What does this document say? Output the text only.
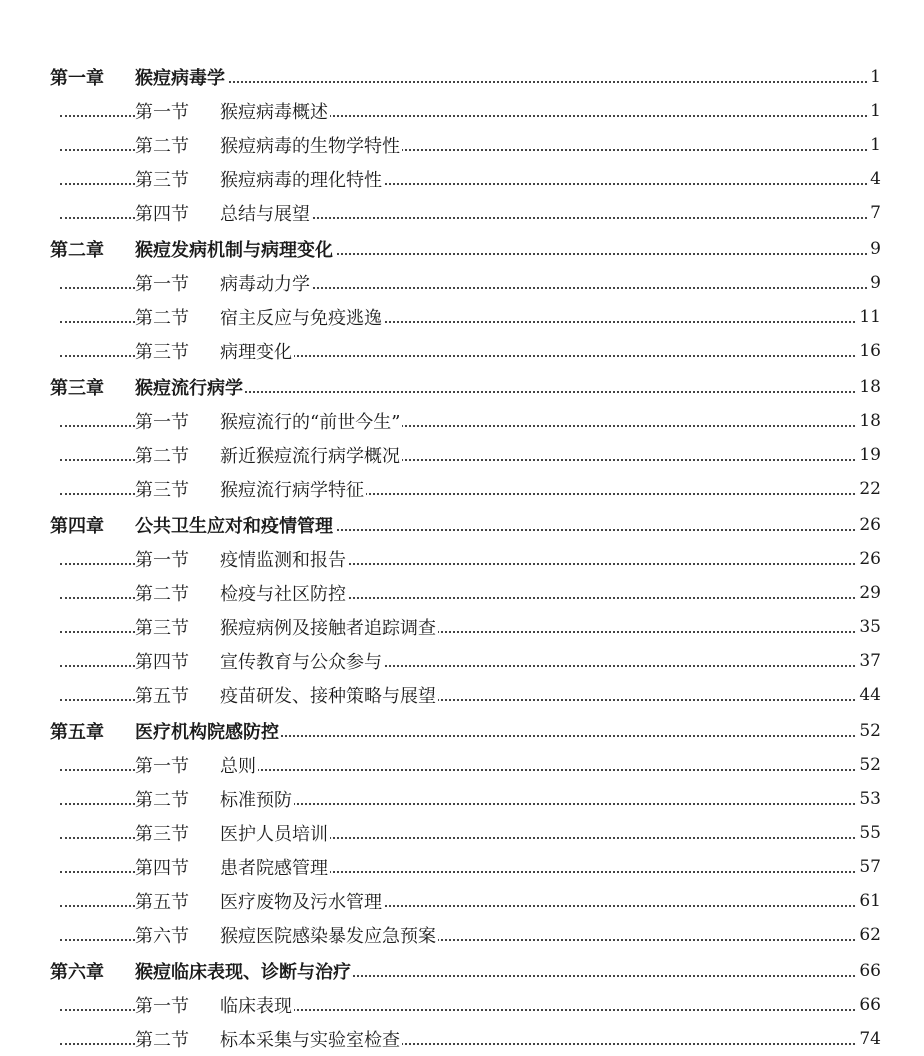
第一章 猴痘病毒学	1
第一节 猴痘病毒概述	1
第二节 猴痘病毒的生物学特性	1
第三节 猴痘病毒的理化特性	4
第四节 总结与展望	7
第二章 猴痘发病机制与病理变化	9
第一节 病毒动力学	9
第二节 宿主反应与免疫逃逸	11
第三节 病理变化	16
第三章 猴痘流行病学	18
第一节 猴痘流行的“前世今生”	18
第二节 新近猴痘流行病学概况	19
第三节 猴痘流行病学特征	22
第四章 公共卫生应对和疫情管理	26
第一节 疫情监测和报告	26
第二节 检疫与社区防控	29
第三节 猴痘病例及接触者追踪调查	35
第四节 宣传教育与公众参与	37
第五节 疫苗研发、接种策略与展望	44
第五章 医疗机构院感防控	52
第一节 总则	52
第二节 标准预防	53
第三节 医护人员培训	55
第四节 患者院感管理	57
第五节 医疗废物及污水管理	61
第六节 猴痘医院感染暴发应急预案	62
第六章 猴痘临床表现、诊断与治疗	66
第一节 临床表现	66
第二节 标本采集与实验室检查	74
